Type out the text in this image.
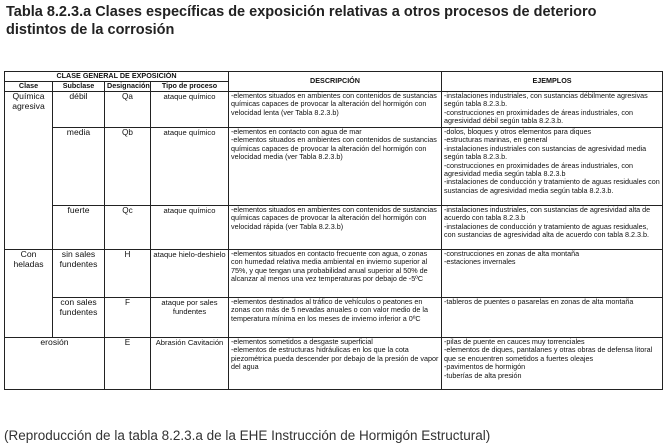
Tabla 8.2.3.a Clases específicas de exposición relativas a otros procesos de deterioro distintos de la corrosión
CLASE GENERAL DE EXPOSICIÓN				DESCRIPCIÓN	EJEMPLOS
Clase	Subclase	Designación	Tipo de proceso		
Química agresiva	débil	Qa	ataque químico	-elementos situados en ambientes con contenidos de sustancias químicas capaces de provocar la alteración del hormigón con velocidad lenta (ver Tabla 8.2.3.b)	-instalaciones industriales, con sustancias débilmente agresivas según tabla 8.2.3.b.
-construcciones en proximidades de áreas industriales, con agresividad débil según tabla 8.2.3.b.
	media	Qb	ataque químico	-elementos en contacto con agua de mar
-elementos situados en ambientes con contenidos de sustancias químicas capaces de provocar la alteración del hormigón con velocidad media (ver Tabla 8.2.3.b)	-dolos, bloques y otros elementos para diques
-estructuras marinas, en general
-instalaciones industriales con sustancias de agresividad media según tabla 8.2.3.b.
-construcciones en proximidades de áreas industriales, con agresividad media según tabla 8.2.3.b
-instalaciones de conducción y tratamiento de aguas residuales con sustancias de agresividad media según tabla 8.2.3.b.
	fuerte	Qc	ataque químico	-elementos situados en ambientes con contenidos de sustancias químicas capaces de provocar la alteración del hormigón con velocidad rápida (ver Tabla 8.2.3.b)	-instalaciones industriales, con sustancias de agresividad alta de acuerdo con tabla 8.2.3.b
-instalaciones de conducción y tratamiento de aguas residuales, con sustancias de agresividad alta de acuerdo con tabla 8.2.3.b.
Con heladas	sin sales fundentes	H	ataque hielo-deshielo	-elementos situados en contacto frecuente con agua, o zonas con humedad relativa media ambiental en invierno superior al 75%, y que tengan una probabilidad anual superior al 50% de alcanzar al menos una vez temperaturas por debajo de -5ºC	-construcciones en zonas de alta montaña
-estaciones invernales
	con sales fundentes	F	ataque por sales fundentes	-elementos destinados al tráfico de vehículos o peatones en zonas con más de 5 nevadas anuales o con valor medio de la temperatura mínima en los meses de invierno inferior a 0ºC	-tableros de puentes o pasarelas en zonas de alta montaña
erosión		E	Abrasión Cavitación	-elementos sometidos a desgaste superficial
-elementos de estructuras hidráulicas en los que la cota piezométrica pueda descender por debajo de la presión de vapor del agua	-pilas de puente en cauces muy torrenciales
-elementos de diques, pantalanes y otras obras de defensa litoral que se encuentren sometidos a fuertes oleajes
-pavimentos de hormigón
-tuberías de alta presión
(Reproducción de la tabla 8.2.3.a de la EHE Instrucción de Hormigón Estructural)
